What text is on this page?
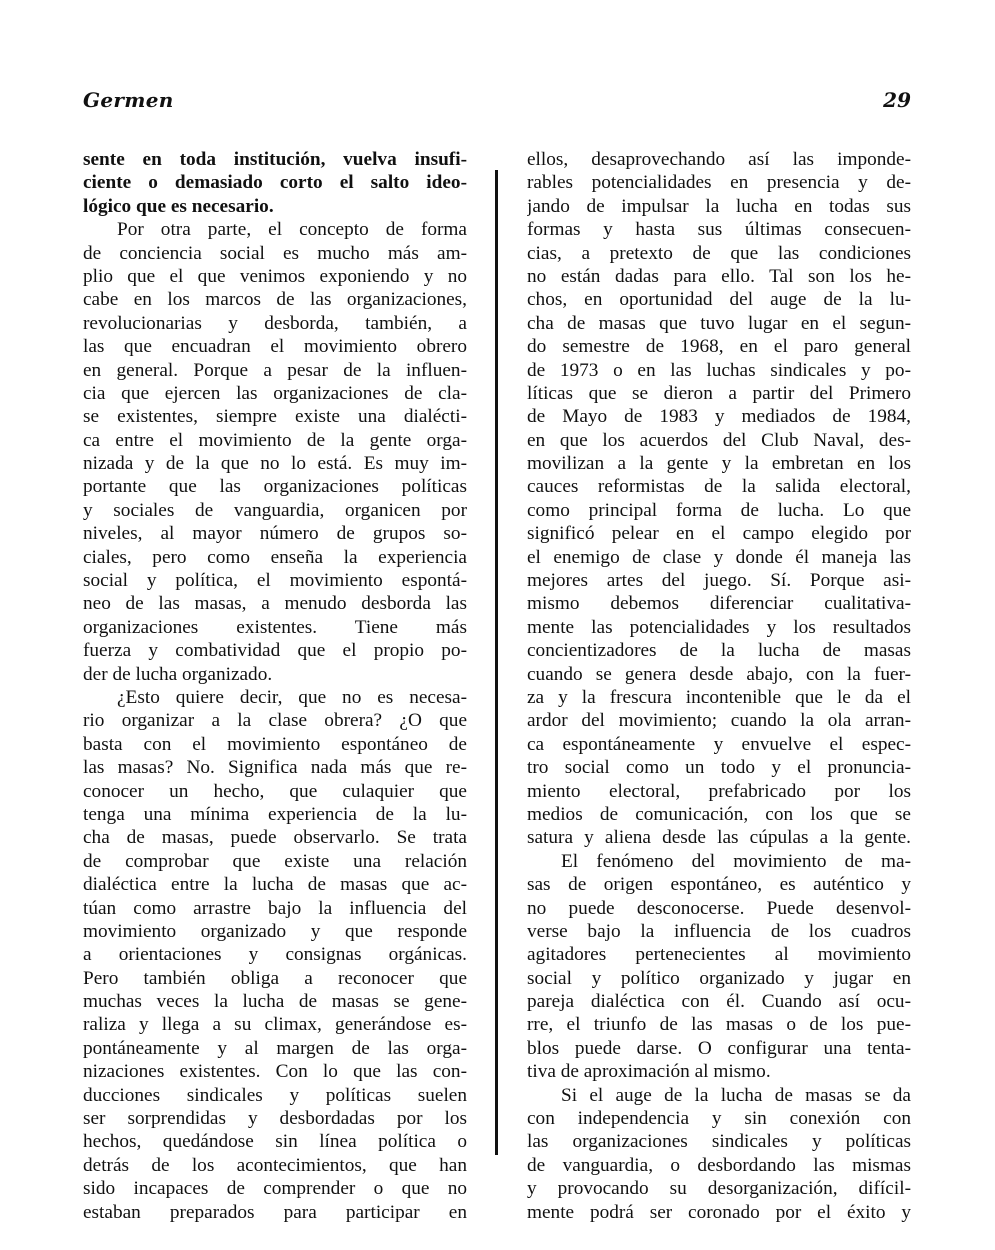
Germen	29
sente en toda institución, vuelva insufi-
ciente o demasiado corto el salto ideo-
lógico que es necesario.
Por otra parte, el concepto de forma
de conciencia social es mucho más am-
plio que el que venimos exponiendo y no
cabe en los marcos de las organizaciones,
revolucionarias y desborda, también, a
las que encuadran el movimiento obrero
en general. Porque a pesar de la influen-
cia que ejercen las organizaciones de cla-
se existentes, siempre existe una dialécti-
ca entre el movimiento de la gente orga-
nizada y de la que no lo está. Es muy im-
portante que las organizaciones políticas
y sociales de vanguardia, organicen por
niveles, al mayor número de grupos so-
ciales, pero como enseña la experiencia
social y política, el movimiento espontá-
neo de las masas, a menudo desborda las
organizaciones existentes. Tiene más
fuerza y combatividad que el propio po-
der de lucha organizado.
¿Esto quiere decir, que no es necesa-
rio organizar a la clase obrera? ¿O que
basta con el movimiento espontáneo de
las masas? No. Significa nada más que re-
conocer un hecho, que culaquier que
tenga una mínima experiencia de la lu-
cha de masas, puede observarlo. Se trata
de comprobar que existe una relación
dialéctica entre la lucha de masas que ac-
túan como arrastre bajo la influencia del
movimiento organizado y que responde
a orientaciones y consignas orgánicas.
Pero también obliga a reconocer que
muchas veces la lucha de masas se gene-
raliza y llega a su climax, generándose es-
pontáneamente y al margen de las orga-
nizaciones existentes. Con lo que las con-
ducciones sindicales y políticas suelen
ser sorprendidas y desbordadas por los
hechos, quedándose sin línea política o
detrás de los acontecimientos, que han
sido incapaces de comprender o que no
estaban preparados para participar en
ellos, desaprovechando así las imponde-
rables potencialidades en presencia y de-
jando de impulsar la lucha en todas sus
formas y hasta sus últimas consecuen-
cias, a pretexto de que las condiciones
no están dadas para ello. Tal son los he-
chos, en oportunidad del auge de la lu-
cha de masas que tuvo lugar en el segun-
do semestre de 1968, en el paro general
de 1973 o en las luchas sindicales y po-
líticas que se dieron a partir del Primero
de Mayo de 1983 y mediados de 1984,
en que los acuerdos del Club Naval, des-
movilizan a la gente y la embretan en los
cauces reformistas de la salida electoral,
como principal forma de lucha. Lo que
significó pelear en el campo elegido por
el enemigo de clase y donde él maneja las
mejores artes del juego. Sí. Porque asi-
mismo debemos diferenciar cualitativa-
mente las potencialidades y los resultados
concientizadores de la lucha de masas
cuando se genera desde abajo, con la fuer-
za y la frescura incontenible que le da el
ardor del movimiento; cuando la ola arran-
ca espontáneamente y envuelve el espec-
tro social como un todo y el pronuncia-
miento electoral, prefabricado por los
medios de comunicación, con los que se
satura y aliena desde las cúpulas a la gente.
El fenómeno del movimiento de ma-
sas de origen espontáneo, es auténtico y
no puede desconocerse. Puede desenvol-
verse bajo la influencia de los cuadros
agitadores pertenecientes al movimiento
social y político organizado y jugar en
pareja dialéctica con él. Cuando así ocu-
rre, el triunfo de las masas o de los pue-
blos puede darse. O configurar una tenta-
tiva de aproximación al mismo.
Si el auge de la lucha de masas se da
con independencia y sin conexión con
las organizaciones sindicales y políticas
de vanguardia, o desbordando las mismas
y provocando su desorganización, difícil-
mente podrá ser coronado por el éxito y
